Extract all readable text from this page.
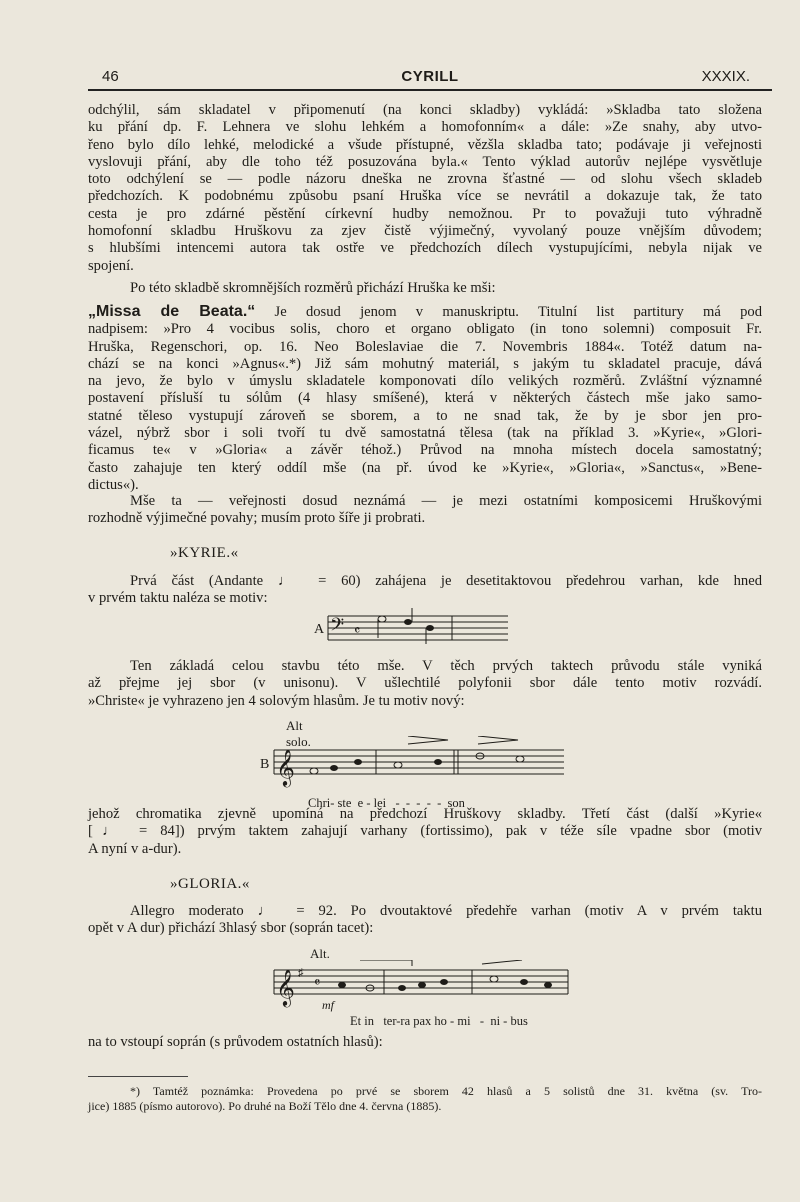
46	CYRILL	XXXIX.
odchýlil, sám skladatel v připomenutí (na konci skladby) vykládá: »Skladba tato složena
ku přání dp. F. Lehnera ve slohu lehkém a homofonním« a dále: »Ze snahy, aby utvo-
řeno bylo dílo lehké, melodické a všude přístupné, vězšla skladba tato; podávaje ji veřejnosti
vyslovuji přání, aby dle toho též posuzována byla.« Tento výklad autorův nejlépe vysvětluje
toto odchýlení se — podle názoru dneška ne zrovna šťastné — od slohu všech skladeb
předchozích. K podobnému způsobu psaní Hruška více se nevrátil a dokazuje tak, že tato
cesta je pro zdárné pěstění církevní hudby nemožnou. Pr to považuji tuto výhradně
homofonní skladbu Hruškovu za zjev čistě výjimečný, vyvolaný pouze vnějším důvodem;
s hlubšími intencemi autora tak ostře ve předchozích dílech vystupujícími, nebyla nijak ve
spojení.
Po této skladbě skromnějších rozměrů přichází Hruška ke mši:
„Missa de Beata.“ Je dosud jenom v manuskriptu. Titulní list partitury má pod
nadpisem: »Pro 4 vocibus solis, choro et organo obligato (in tono solemni) composuit Fr.
Hruška, Regenschori, op. 16. Neo Boleslaviae die 7. Novembris 1884«. Totéž datum na-
chází se na konci »Agnus«.*) Již sám mohutný materiál, s jakým tu skladatel pracuje, dává
na jevo, že bylo v úmyslu skladatele komponovati dílo velikých rozměrů. Zvláštní významné
postavení přísluší tu sólům (4 hlasy smíšené), která v některých částech mše jako samo-
statné těleso vystupují zároveň se sborem, a to ne snad tak, že by je sbor jen pro-
vázel, nýbrž sbor i soli tvoří tu dvě samostatná tělesa (tak na příklad 3. »Kyrie«, »Glori-
ficamus te« v »Gloria« a závěr téhož.) Průvod na mnoha místech docela samostatný;
často zahajuje ten který oddíl mše (na př. úvod ke »Kyrie«, »Gloria«, »Sanctus«, »Bene-
dictus«).
Mše ta — veřejnosti dosud neznámá — je mezi ostatními komposicemi Hruškovými
rozhodně výjimečné povahy; musím proto šíře ji probrati.
»KYRIE.«
Prvá část (Andante ♩ = 60) zahájena je desetitaktovou předehrou varhan, kde hned
v prvém taktu naléza se motiv:
A 𝄢 𝄴
Ten základá celou stavbu této mše. V těch prvých taktech průvodu stále vyniká
až přejme jej sbor (v unisonu). V ušlechtilé polyfonii sbor dále tento motiv rozvádí.
»Christe« je vyhrazeno jen 4 solovým hlasům. Je tu motiv nový:
Alt solo.
B 𝄞
Chri- ste  e - lei   -  -  -  -  -  son
jehož chromatika zjevně upomíná na předchozí Hruškovy skladby. Třetí část (další »Kyrie«
[♩ = 84]) prvým taktem zahajují varhany (fortissimo), pak v téže síle vpadne sbor (motiv
A nyní v a-dur).
»GLORIA.«
Allegro moderato ♩ = 92. Po dvoutaktové předehře varhan (motiv A v prvém taktu
opět v A dur) přichází 3hlasý sbor (soprán tacet):
Alt.
𝄞 ♯
𝄴
mf
Et in   ter-ra pax ho - mi   -  ni - bus
na to vstoupí soprán (s průvodem ostatních hlasů):
*) Tamtéž poznámka: Provedena po prvé se sborem 42 hlasů a 5 solistů dne 31. května (sv. Tro-
jice) 1885 (písmo autorovo). Po druhé na Boží Tělo dne 4. června (1885).
